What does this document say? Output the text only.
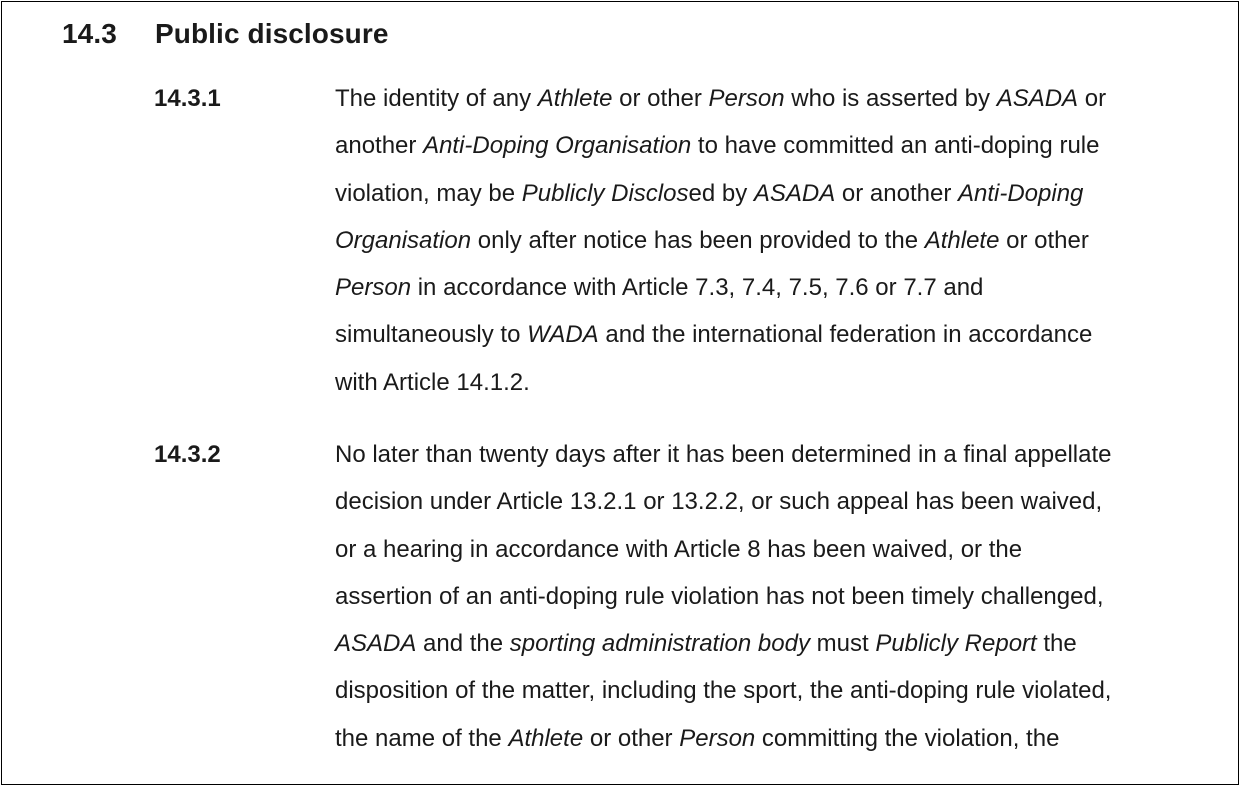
14.3 Public disclosure
14.3.1	The identity of any Athlete or other Person who is asserted by ASADA or
another Anti-Doping Organisation to have committed an anti-doping rule
violation, may be Publicly Disclosed by ASADA or another Anti-Doping
Organisation only after notice has been provided to the Athlete or other
Person in accordance with Article 7.3, 7.4, 7.5, 7.6 or 7.7 and
simultaneously to WADA and the international federation in accordance
with Article 14.1.2.
14.3.2	No later than twenty days after it has been determined in a final appellate
decision under Article 13.2.1 or 13.2.2, or such appeal has been waived,
or a hearing in accordance with Article 8 has been waived, or the
assertion of an anti-doping rule violation has not been timely challenged,
ASADA and the sporting administration body must Publicly Report the
disposition of the matter, including the sport, the anti-doping rule violated,
the name of the Athlete or other Person committing the violation, the
